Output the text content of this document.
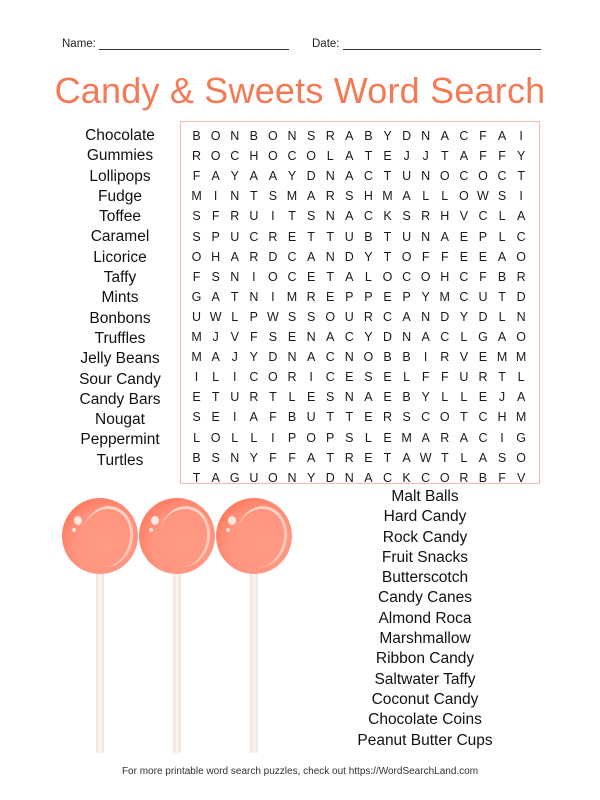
Name:	Date:
Candy & Sweets Word Search
Chocolate
Gummies
Lollipops
Fudge
Toffee
Caramel
Licorice
Taffy
Mints
Bonbons
Truffles
Jelly Beans
Sour Candy
Candy Bars
Nougat
Peppermint
Turtles
B O N B O N S R A B Y D N A C F A	I
R O C H O C O L A T E J	J T A F F Y
F A Y A A Y D N A C T U N O C O C T
M I	N T S M A R S H M A L L O W S	I
S F R U	I	T S N A C K S R H V C L A
S P U C R E T T U B T U N A E P L C
O H A R D C A N D Y T O F F E E A O
F S N	I O C E T A L O C O H C F B R
G A T N	I M R E P P E P Y M C U T D
U W L P W S S O U R C A N D Y D L N
M J V F S E N A C Y D N A C L G A O
M A J Y D N A C N O B B	I	R V E M M
I	L	I	C O R	I	C E S E L F F U R T L
E T U R T L E S N A E B Y L L E J A
S E	I	A F B U T T E R S C O T C H M
L O L L	I	P O P S L E M A R A C	I G
B S N Y F F A T R E T A W T L A S O
T A G U O N Y D N A C K C O R B F V
Malt Balls
Hard Candy
Rock Candy
Fruit Snacks
Butterscotch
Candy Canes
Almond Roca
Marshmallow
Ribbon Candy
Saltwater Taffy
Coconut Candy
Chocolate Coins
Peanut Butter Cups
For more printable word search puzzles, check out https://WordSearchLand.com
